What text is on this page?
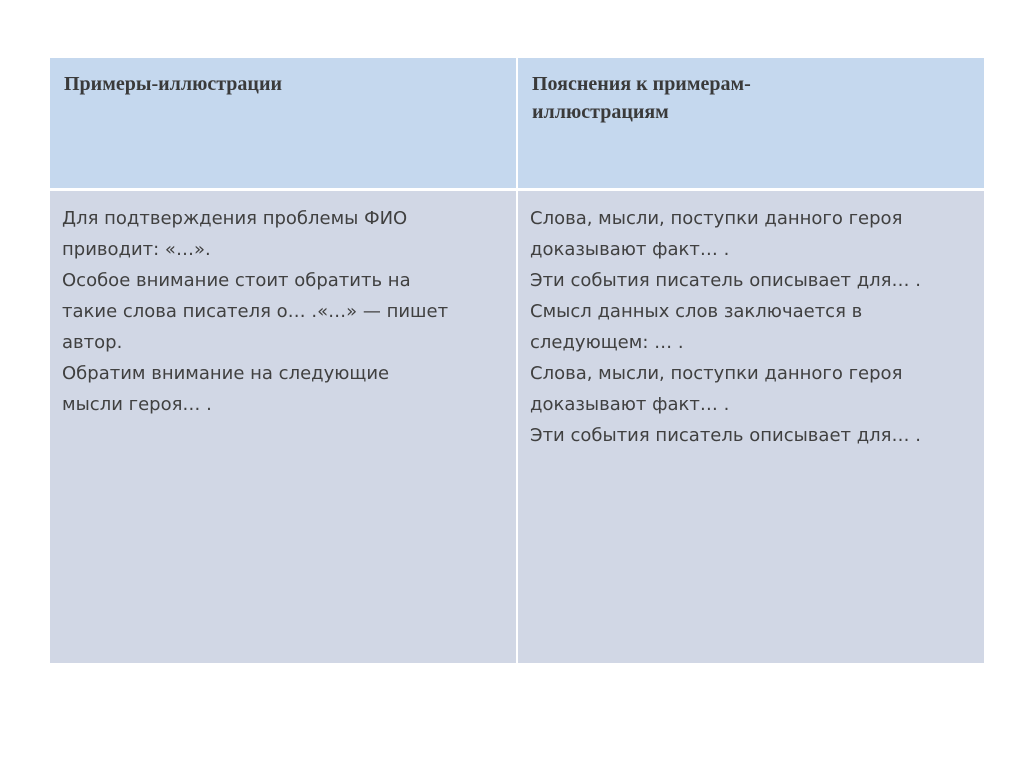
Примеры-иллюстрации	Пояснения к примерам-
иллюстрациям
Для подтверждения проблемы ФИО
приводит: «…».
Особое внимание стоит обратить на
такие слова писателя о… .«…» — пишет
автор.
Обратим внимание на следующие
мысли героя… .
Слова, мысли, поступки данного героя
доказывают факт… .
Эти события писатель описывает для… .
Смысл данных слов заключается в
следующем: … .
Слова, мысли, поступки данного героя
доказывают факт… .
Эти события писатель описывает для… .
